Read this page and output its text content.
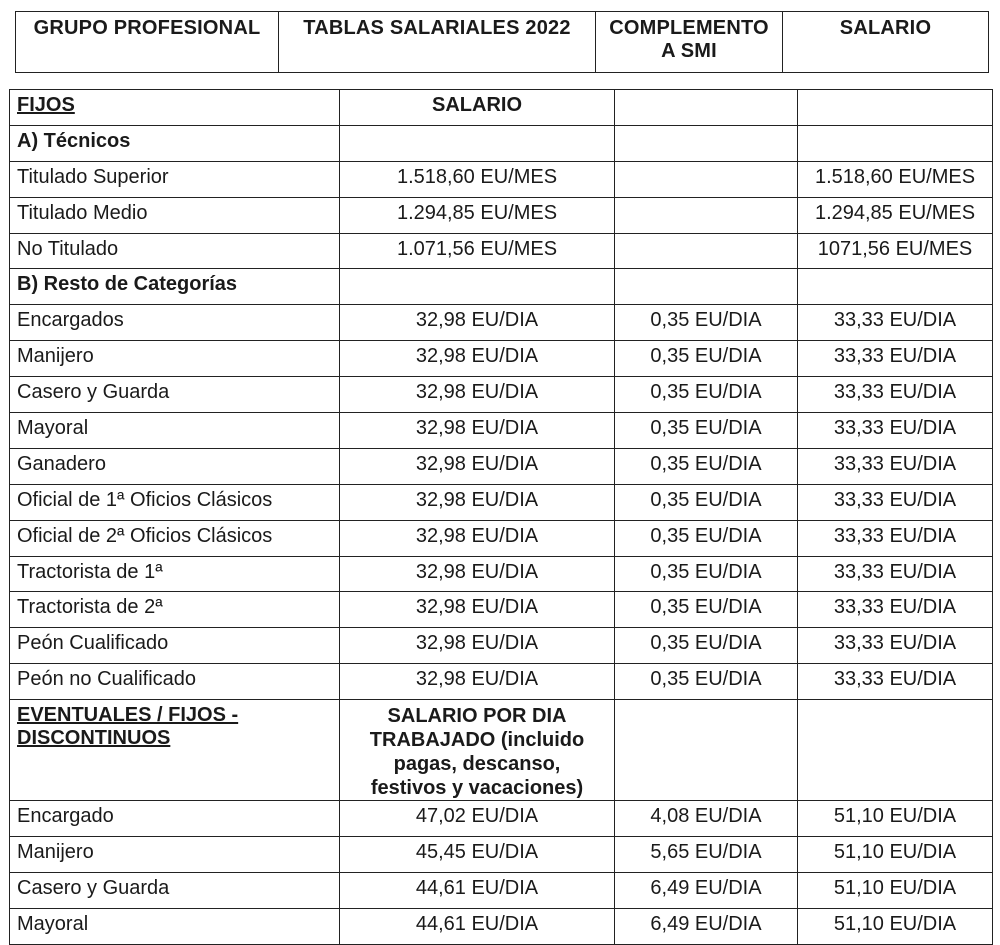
GRUPO PROFESIONAL	TABLAS SALARIALES 2022	COMPLEMENTO A SMI	SALARIO
FIJOS	SALARIO		
A) Técnicos			
Titulado Superior	1.518,60 EU/MES		1.518,60 EU/MES
Titulado Medio	1.294,85 EU/MES		1.294,85 EU/MES
No Titulado	1.071,56 EU/MES		1071,56 EU/MES
B) Resto de Categorías			
Encargados	32,98 EU/DIA	0,35 EU/DIA	33,33 EU/DIA
Manijero	32,98 EU/DIA	0,35 EU/DIA	33,33 EU/DIA
Casero y Guarda	32,98 EU/DIA	0,35 EU/DIA	33,33 EU/DIA
Mayoral	32,98 EU/DIA	0,35 EU/DIA	33,33 EU/DIA
Ganadero	32,98 EU/DIA	0,35 EU/DIA	33,33 EU/DIA
Oficial de 1ª Oficios Clásicos	32,98 EU/DIA	0,35 EU/DIA	33,33 EU/DIA
Oficial de 2ª Oficios Clásicos	32,98 EU/DIA	0,35 EU/DIA	33,33 EU/DIA
Tractorista de 1ª	32,98 EU/DIA	0,35 EU/DIA	33,33 EU/DIA
Tractorista de 2ª	32,98 EU/DIA	0,35 EU/DIA	33,33 EU/DIA
Peón Cualificado	32,98 EU/DIA	0,35 EU/DIA	33,33 EU/DIA
Peón no Cualificado	32,98 EU/DIA	0,35 EU/DIA	33,33 EU/DIA
EVENTUALES / FIJOS - DISCONTINUOS	SALARIO POR DIA TRABAJADO (incluido pagas, descanso, festivos y vacaciones)		
Encargado	47,02 EU/DIA	4,08 EU/DIA	51,10 EU/DIA
Manijero	45,45 EU/DIA	5,65 EU/DIA	51,10 EU/DIA
Casero y Guarda	44,61 EU/DIA	6,49 EU/DIA	51,10 EU/DIA
Mayoral	44,61 EU/DIA	6,49 EU/DIA	51,10 EU/DIA
